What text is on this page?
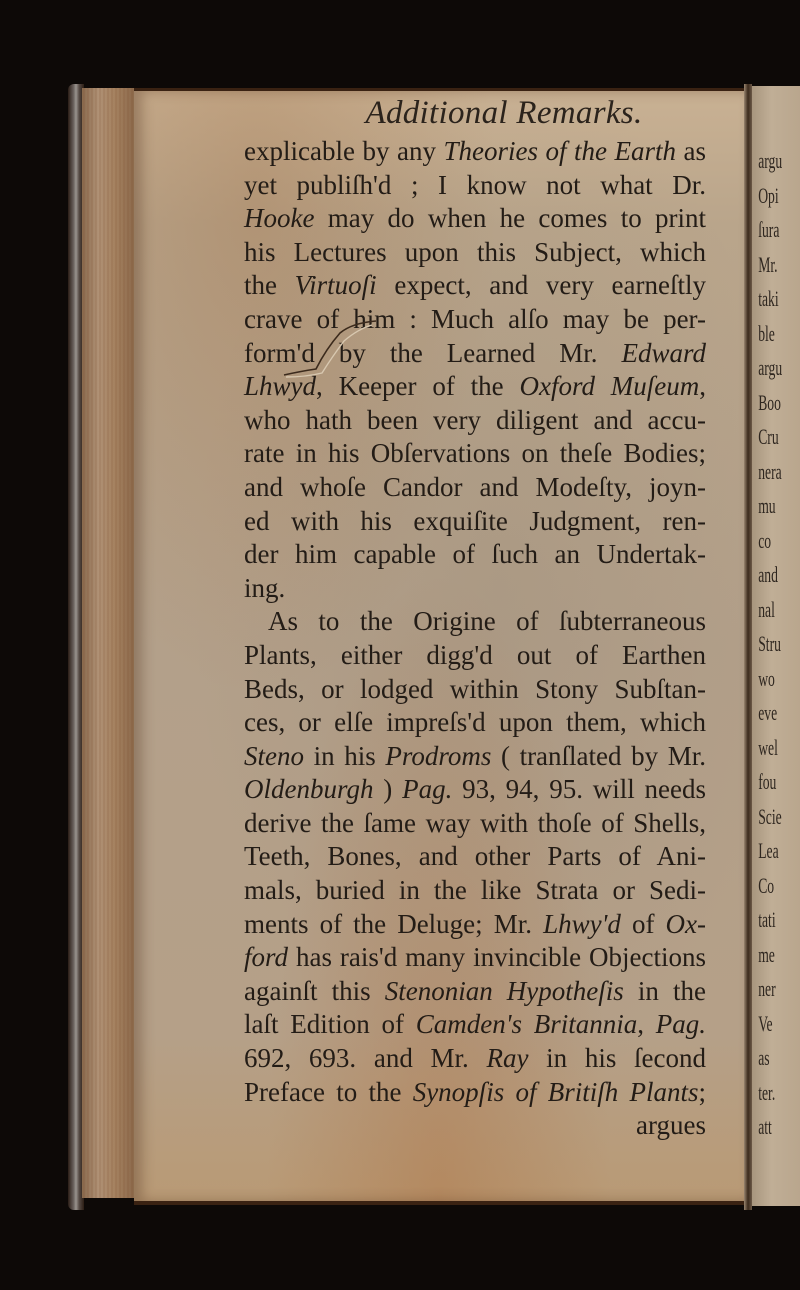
Additional Remarks.
explicable by any Theories of the Earth as
yet publiſh'd ; I know not what Dr.
Hooke may do when he comes to print
his Lectures upon this Subject, which
the Virtuoſi expect, and very earneſtly
crave of him : Much alſo may be per-
form'd by the Learned Mr. Edward
Lhwyd, Keeper of the Oxford Muſeum,
who hath been very diligent and accu-
rate in his Obſervations on theſe Bodies;
and whoſe Candor and Modeſty, joyn-
ed with his exquiſite Judgment, ren-
der him capable of ſuch an Undertak-
ing.
As to the Origine of ſubterraneous
Plants, either digg'd out of Earthen
Beds, or lodged within Stony Subſtan-
ces, or elſe impreſs'd upon them, which
Steno in his Prodroms ( tranſlated by Mr.
Oldenburgh ) Pag. 93, 94, 95. will needs
derive the ſame way with thoſe of Shells,
Teeth, Bones, and other Parts of Ani-
mals, buried in the like Strata or Sedi-
ments of the Deluge; Mr. Lhwy'd of Ox-
ford has rais'd many invincible Objections
againſt this Stenonian Hypotheſis in the
laſt Edition of Camden's Britannia, Pag.
692, 693. and Mr. Ray in his ſecond
Preface to the Synopſis of Britiſh Plants;
argues
argu
Opi
ſura
Mr.
taki
ble
argu
Boo
Cru
nera
mu
co
and
nal
Stru
wo
eve
wel
fou
Scie
Lea
Co
tati
me
ner
Ve
as
ter.
att
